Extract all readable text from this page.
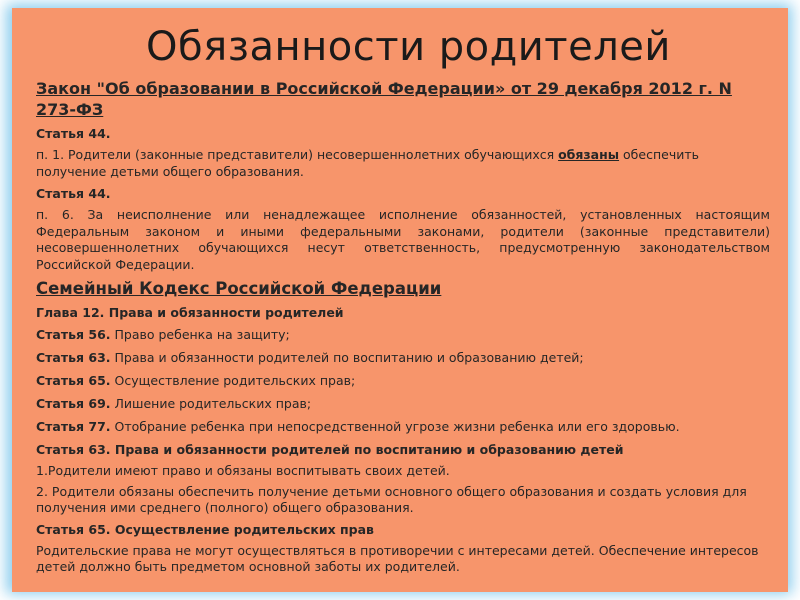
Обязанности родителей
Закон "Об образовании в Российской Федерации» от 29 декабря 2012 г. N 273-ФЗ
Статья 44.
п. 1. Родители (законные представители) несовершеннолетних обучающихся обязаны обеспечить получение детьми общего образования.
Статья 44.
п. 6. За неисполнение или ненадлежащее исполнение обязанностей, установленных настоящим Федеральным законом и иными федеральными законами, родители (законные представители) несовершеннолетних обучающихся несут ответственность, предусмотренную законодательством Российской Федерации.
Семейный Кодекс Российской Федерации
Глава 12. Права и обязанности родителей
Статья 56. Право ребенка на защиту;
Статья 63. Права и обязанности родителей по воспитанию и образованию детей;
Статья 65. Осуществление родительских прав;
Статья 69. Лишение родительских прав;
Статья 77. Отобрание ребенка при непосредственной угрозе жизни ребенка или его здоровью.
Статья 63. Права и обязанности родителей по воспитанию и образованию детей
1.Родители имеют право и обязаны воспитывать своих детей.
2. Родители обязаны обеспечить получение детьми основного общего образования и создать условия для получения ими среднего (полного) общего образования.
Статья 65. Осуществление родительских прав
Родительские права не могут осуществляться в противоречии с интересами детей. Обеспечение интересов детей должно быть предметом основной заботы их родителей.
